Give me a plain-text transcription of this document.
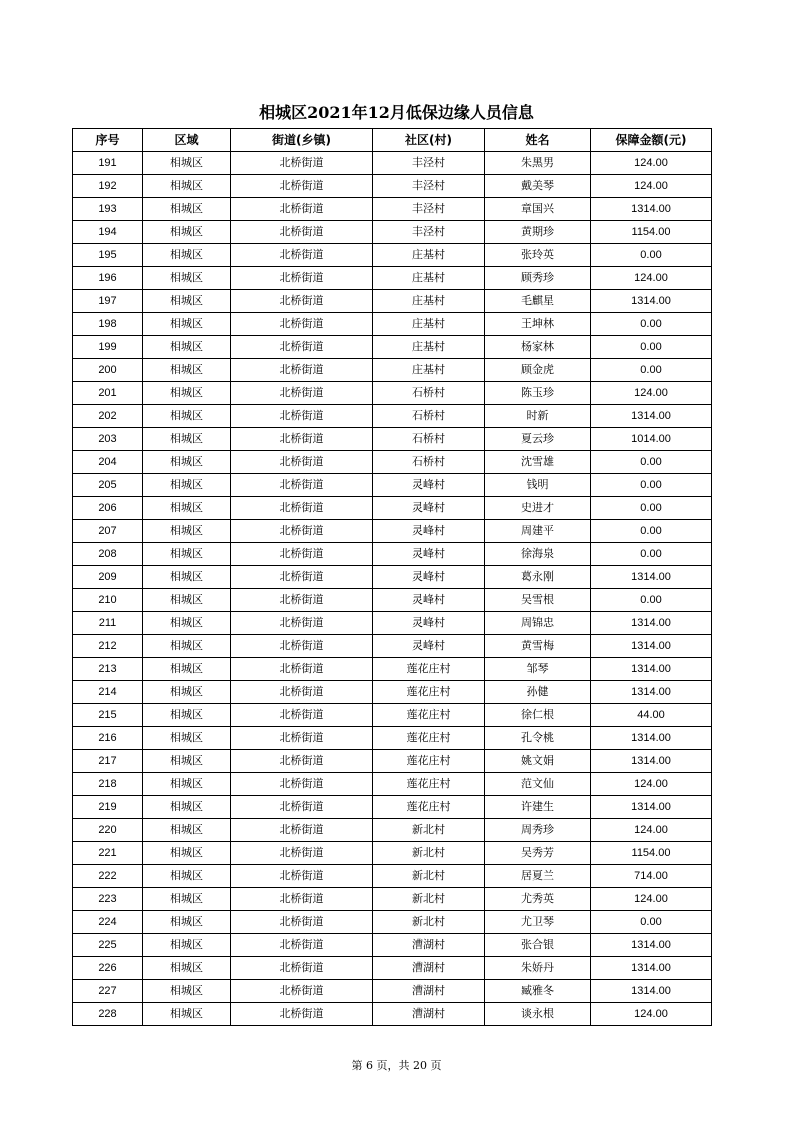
相城区2021年12月低保边缘人员信息
序号	区域	街道(乡镇)	社区(村)	姓名	保障金额(元)
191	相城区	北桥街道	丰泾村	朱黑男	124.00
192	相城区	北桥街道	丰泾村	戴美琴	124.00
193	相城区	北桥街道	丰泾村	章国兴	1314.00
194	相城区	北桥街道	丰泾村	黄期珍	1154.00
195	相城区	北桥街道	庄基村	张玲英	0.00
196	相城区	北桥街道	庄基村	顾秀珍	124.00
197	相城区	北桥街道	庄基村	毛麒星	1314.00
198	相城区	北桥街道	庄基村	王坤林	0.00
199	相城区	北桥街道	庄基村	杨家林	0.00
200	相城区	北桥街道	庄基村	顾金虎	0.00
201	相城区	北桥街道	石桥村	陈玉珍	124.00
202	相城区	北桥街道	石桥村	时新	1314.00
203	相城区	北桥街道	石桥村	夏云珍	1014.00
204	相城区	北桥街道	石桥村	沈雪雄	0.00
205	相城区	北桥街道	灵峰村	钱明	0.00
206	相城区	北桥街道	灵峰村	史进才	0.00
207	相城区	北桥街道	灵峰村	周建平	0.00
208	相城区	北桥街道	灵峰村	徐海泉	0.00
209	相城区	北桥街道	灵峰村	葛永刚	1314.00
210	相城区	北桥街道	灵峰村	吴雪根	0.00
211	相城区	北桥街道	灵峰村	周锦忠	1314.00
212	相城区	北桥街道	灵峰村	黄雪梅	1314.00
213	相城区	北桥街道	莲花庄村	邹琴	1314.00
214	相城区	北桥街道	莲花庄村	孙健	1314.00
215	相城区	北桥街道	莲花庄村	徐仁根	44.00
216	相城区	北桥街道	莲花庄村	孔令桃	1314.00
217	相城区	北桥街道	莲花庄村	姚文娟	1314.00
218	相城区	北桥街道	莲花庄村	范文仙	124.00
219	相城区	北桥街道	莲花庄村	许建生	1314.00
220	相城区	北桥街道	新北村	周秀珍	124.00
221	相城区	北桥街道	新北村	吴秀芳	1154.00
222	相城区	北桥街道	新北村	居夏兰	714.00
223	相城区	北桥街道	新北村	尤秀英	124.00
224	相城区	北桥街道	新北村	尤卫琴	0.00
225	相城区	北桥街道	漕湖村	张合银	1314.00
226	相城区	北桥街道	漕湖村	朱娇丹	1314.00
227	相城区	北桥街道	漕湖村	臧雅冬	1314.00
228	相城区	北桥街道	漕湖村	谈永根	124.00
第 6 页，共 20 页
